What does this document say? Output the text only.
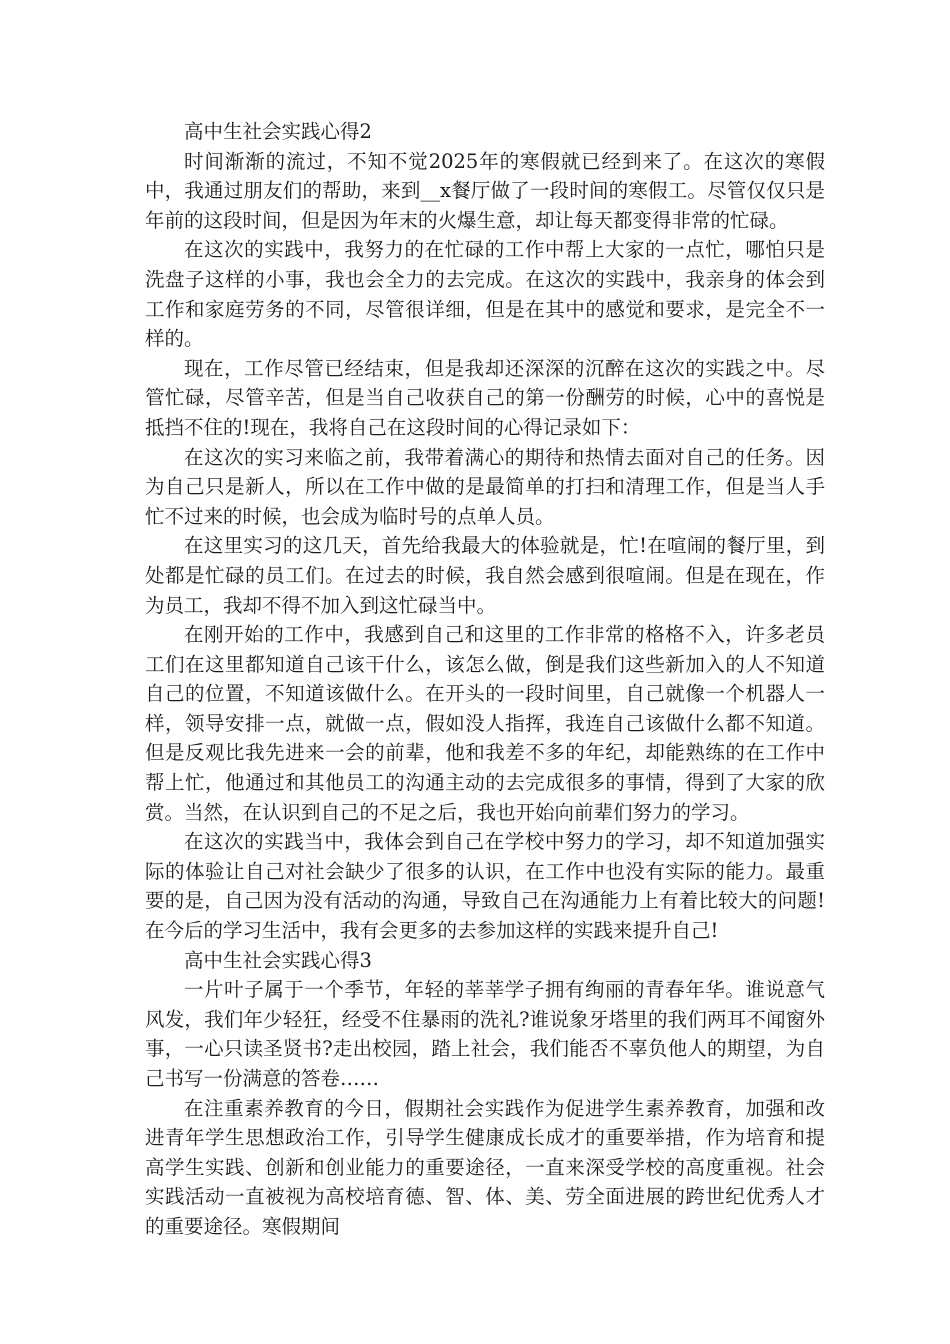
高中生社会实践心得2

时间渐渐的流过，不知不觉2025年的寒假就已经到来了。在这次的寒假中，我通过朋友们的帮助，来到__x餐厅做了一段时间的寒假工。尽管仅仅只是年前的这段时间，但是因为年末的火爆生意，却让每天都变得非常的忙碌。

在这次的实践中，我努力的在忙碌的工作中帮上大家的一点忙，哪怕只是洗盘子这样的小事，我也会全力的去完成。在这次的实践中，我亲身的体会到工作和家庭劳务的不同，尽管很详细，但是在其中的感觉和要求，是完全不一样的。

现在，工作尽管已经结束，但是我却还深深的沉醉在这次的实践之中。尽管忙碌，尽管辛苦，但是当自己收获自己的第一份酬劳的时候，心中的喜悦是抵挡不住的!现在，我将自己在这段时间的心得记录如下：

在这次的实习来临之前，我带着满心的期待和热情去面对自己的任务。因为自己只是新人，所以在工作中做的是最简单的打扫和清理工作，但是当人手忙不过来的时候，也会成为临时号的点单人员。

在这里实习的这几天，首先给我最大的体验就是，忙!在喧闹的餐厅里，到处都是忙碌的员工们。在过去的时候，我自然会感到很喧闹。但是在现在，作为员工，我却不得不加入到这忙碌当中。

在刚开始的工作中，我感到自己和这里的工作非常的格格不入，许多老员工们在这里都知道自己该干什么，该怎么做，倒是我们这些新加入的人不知道自己的位置，不知道该做什么。在开头的一段时间里，自己就像一个机器人一样，领导安排一点，就做一点，假如没人指挥，我连自己该做什么都不知道。但是反观比我先进来一会的前辈，他和我差不多的年纪，却能熟练的在工作中帮上忙，他通过和其他员工的沟通主动的去完成很多的事情，得到了大家的欣赏。当然，在认识到自己的不足之后，我也开始向前辈们努力的学习。

在这次的实践当中，我体会到自己在学校中努力的学习，却不知道加强实际的体验让自己对社会缺少了很多的认识，在工作中也没有实际的能力。最重要的是，自己因为没有活动的沟通，导致自己在沟通能力上有着比较大的问题!在今后的学习生活中，我有会更多的去参加这样的实践来提升自己!

高中生社会实践心得3

一片叶子属于一个季节，年轻的莘莘学子拥有绚丽的青春年华。谁说意气风发，我们年少轻狂，经受不住暴雨的洗礼?谁说象牙塔里的我们两耳不闻窗外事，一心只读圣贤书?走出校园，踏上社会，我们能否不辜负他人的期望，为自己书写一份满意的答卷……

在注重素养教育的今日，假期社会实践作为促进学生素养教育，加强和改进青年学生思想政治工作，引导学生健康成长成才的重要举措，作为培育和提高学生实践、创新和创业能力的重要途径，一直来深受学校的高度重视。社会实践活动一直被视为高校培育德、智、体、美、劳全面进展的跨世纪优秀人才的重要途径。寒假期间
